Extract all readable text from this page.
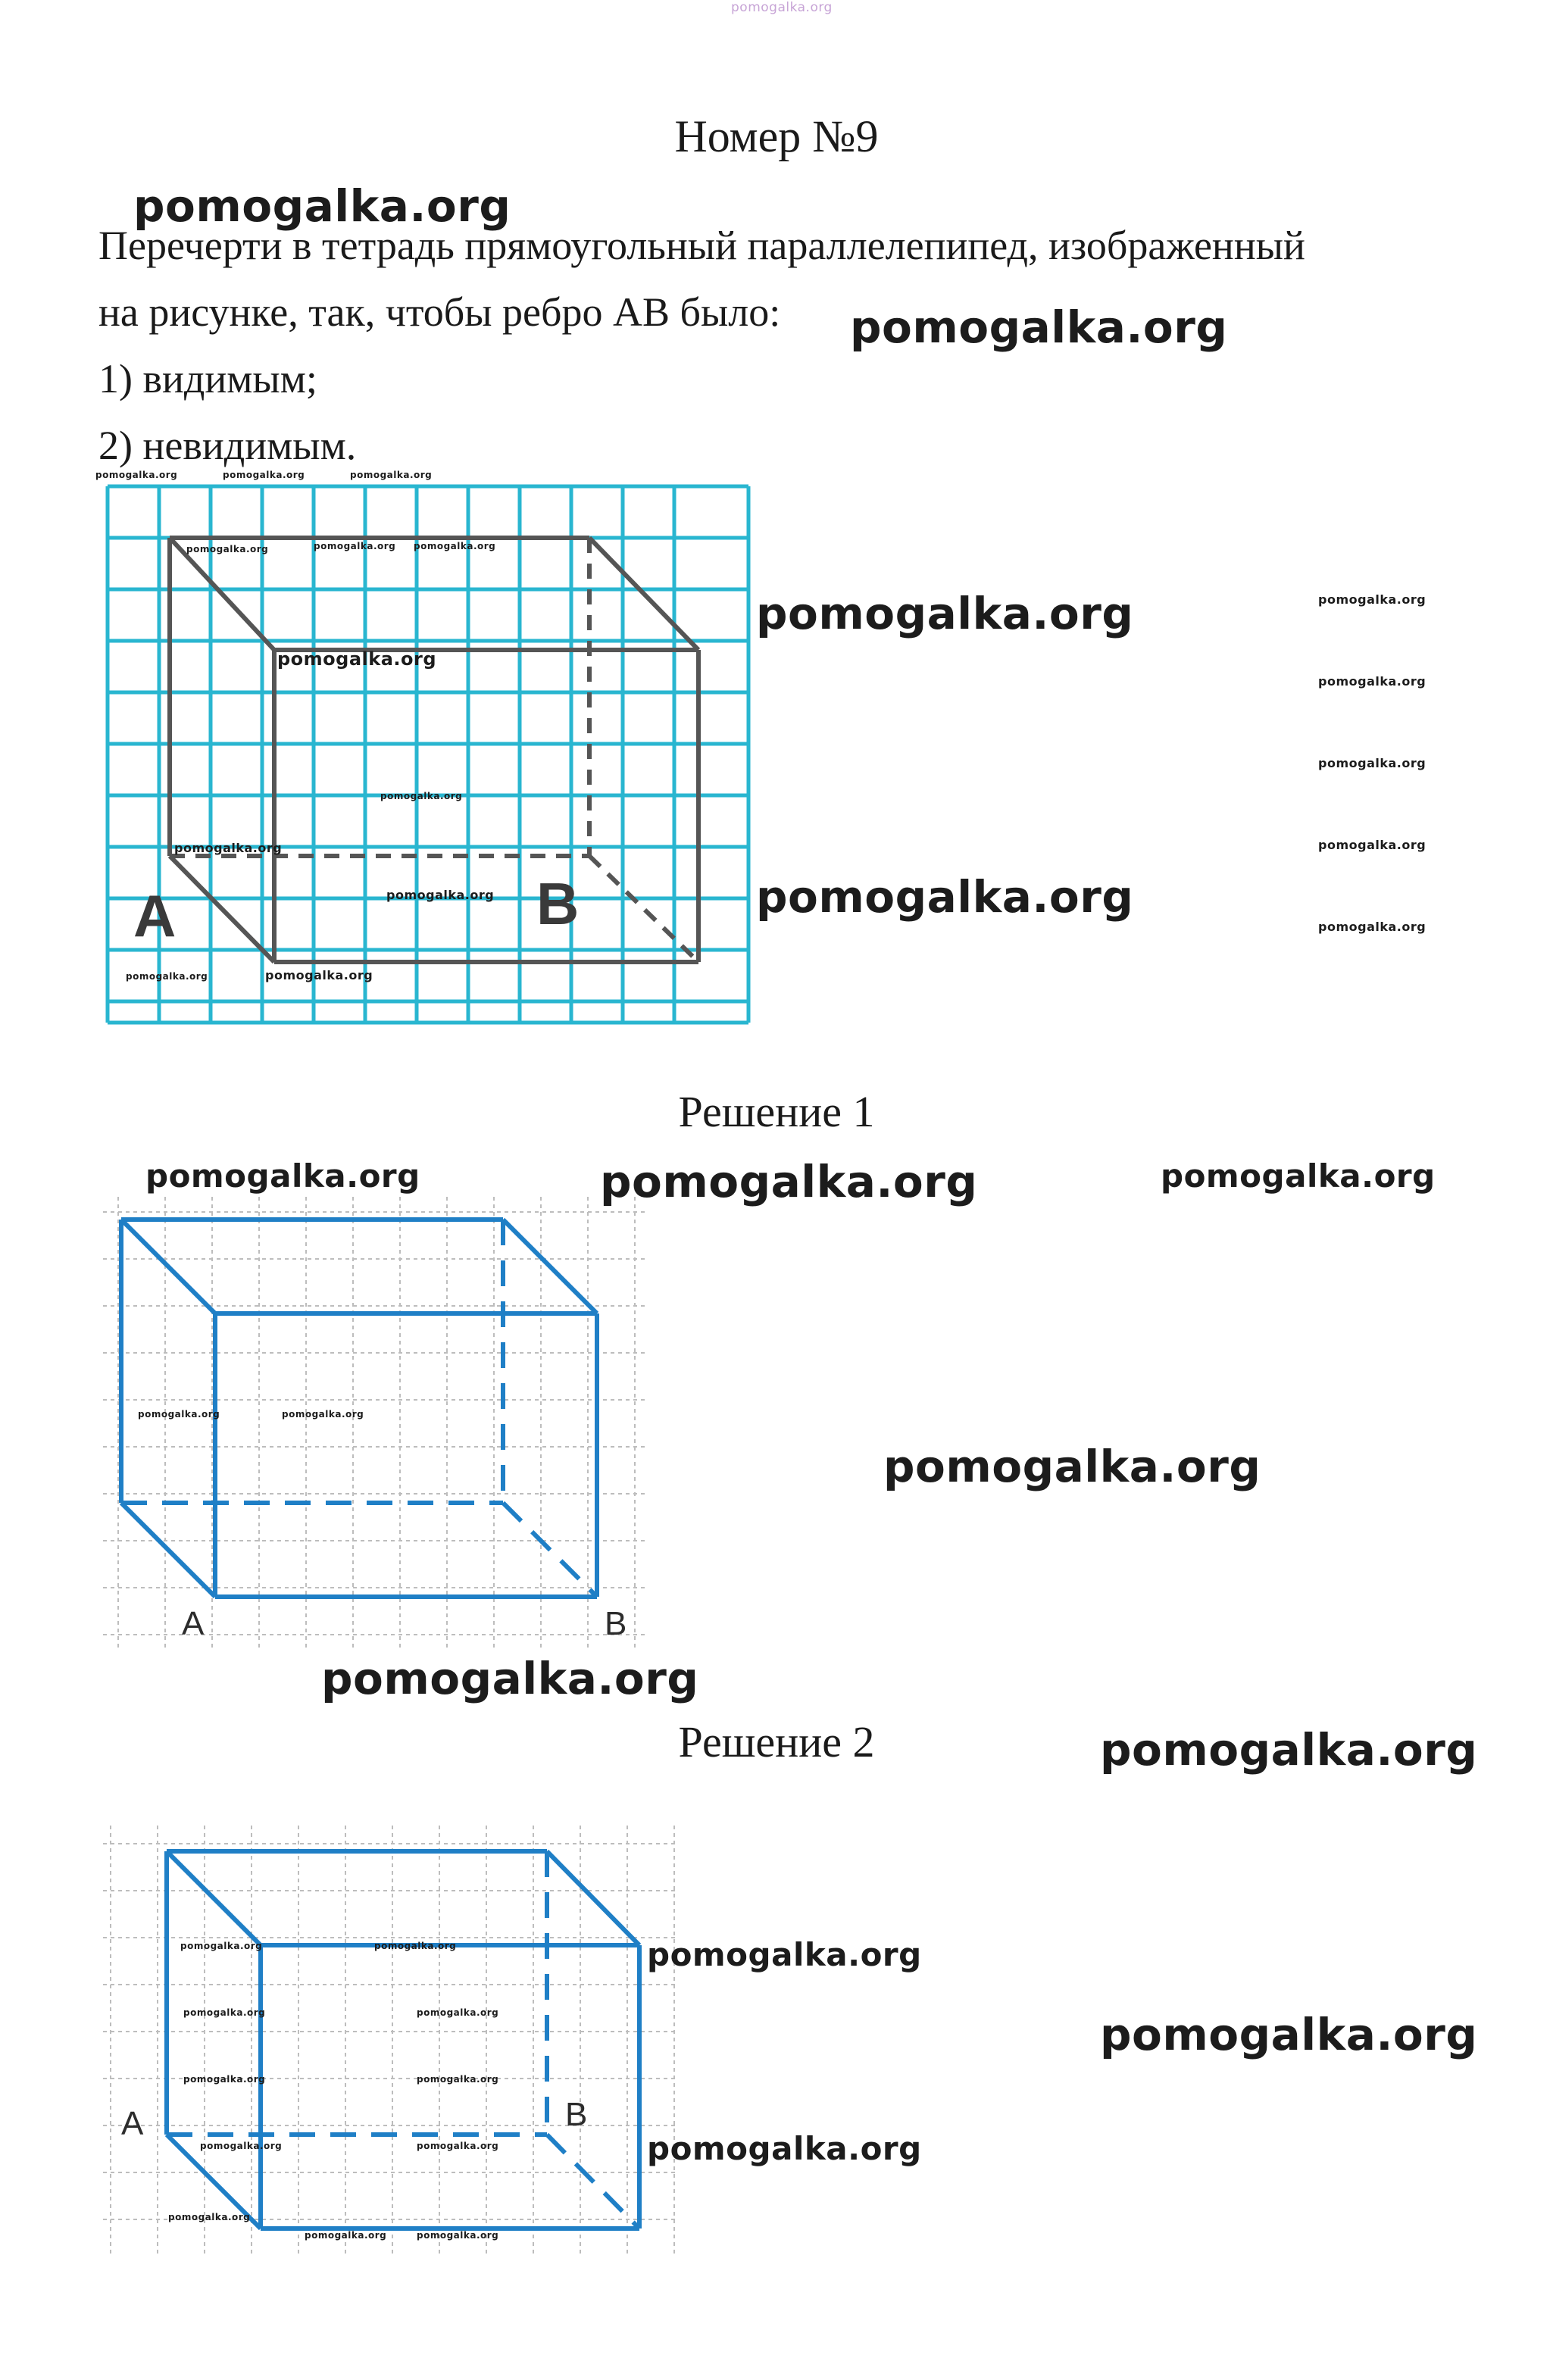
pomogalka.org
Номер №9

Перечерти в тетрадь прямоугольный параллелепипед, изображенный

на рисунке, так, чтобы ребро АВ было:

1) видимым;

2) невидимым.

A	B
Решение 1
A	B
Решение 2
A	B
pomogalka.org
pomogalka.org
pomogalka.org
pomogalka.org
pomogalka.org
pomogalka.org
pomogalka.org
pomogalka.org
pomogalka.org
pomogalka.org	pomogalka.org
pomogalka.org
pomogalka.org
pomogalka.org
pomogalka.org
pomogalka.org
pomogalka.org
pomogalka.org
pomogalka.org
pomogalka.org
pomogalka.org
pomogalka.org
pomogalka.org	pomogalka.org	pomogalka.org
pomogalka.org	pomogalka.org pomogalka.org
pomogalka.org
pomogalka.org
pomogalka.org	pomogalka.org
pomogalka.org	pomogalka.org
pomogalka.org	pomogalka.org
pomogalka.org	pomogalka.org
pomogalka.org	pomogalka.org
pomogalka.org
pomogalka.org	pomogalka.org
